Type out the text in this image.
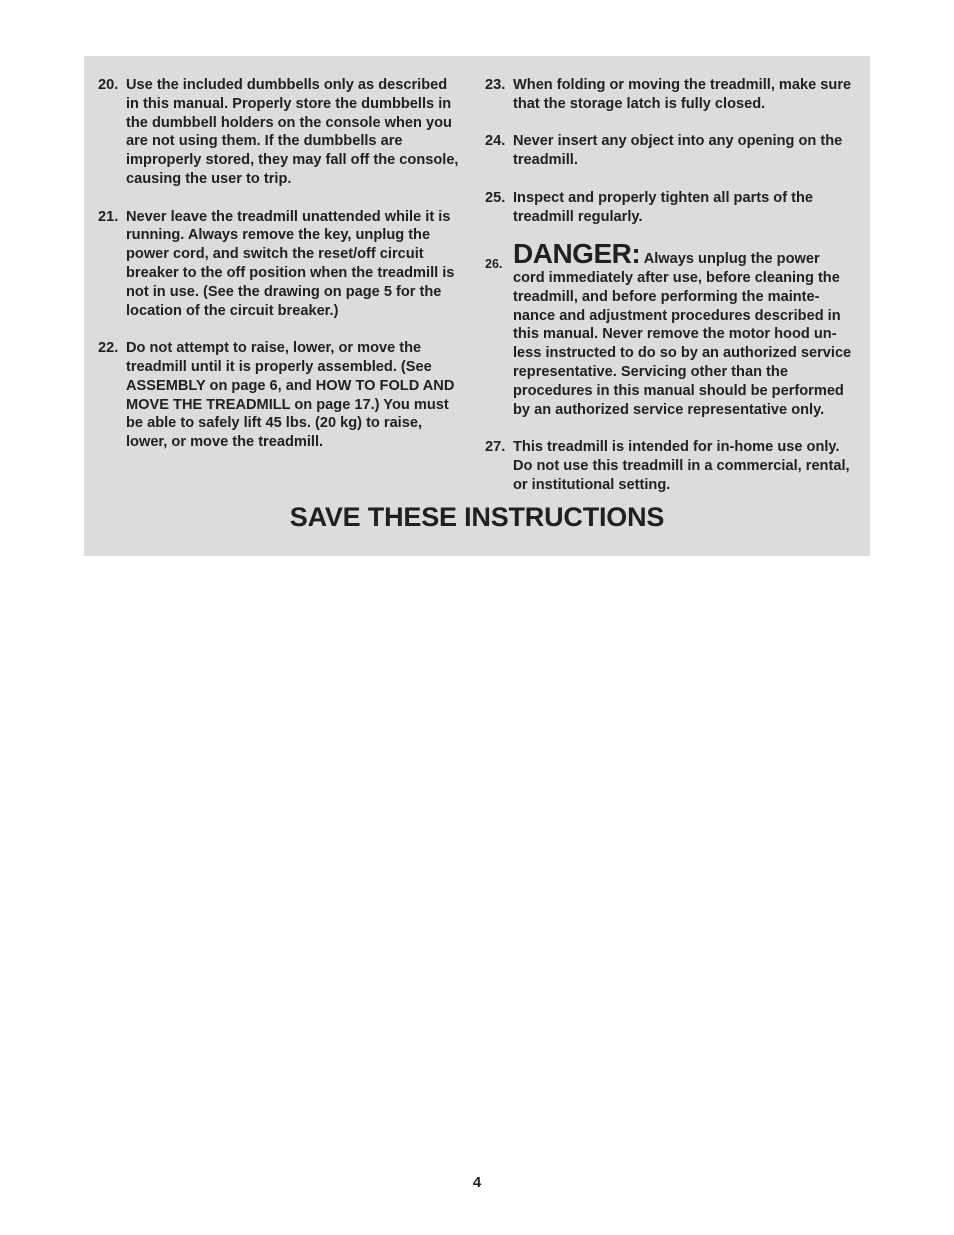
20. Use the included dumbbells only as described in this manual. Properly store the dumbbells in the dumbbell holders on the console when you are not using them. If the dumbbells are improperly stored, they may fall off the console, causing the user to trip.
21. Never leave the treadmill unattended while it is running. Always remove the key, unplug the power cord, and switch the reset/off circuit breaker to the off position when the treadmill is not in use. (See the drawing on page 5 for the location of the circuit breaker.)
22. Do not attempt to raise, lower, or move the treadmill until it is properly assembled. (See ASSEMBLY on page 6, and HOW TO FOLD AND MOVE THE TREADMILL on page 17.) You must be able to safely lift 45 lbs. (20 kg) to raise, lower, or move the treadmill.
23. When folding or moving the treadmill, make sure that the storage latch is fully closed.
24. Never insert any object into any opening on the treadmill.
25. Inspect and properly tighten all parts of the treadmill regularly.
26. DANGER: Always unplug the power cord immediately after use, before cleaning the treadmill, and before performing the maintenance and adjustment procedures described in this manual. Never remove the motor hood unless instructed to do so by an authorized service representative. Servicing other than the procedures in this manual should be performed by an authorized service representative only.
27. This treadmill is intended for in-home use only. Do not use this treadmill in a commercial, rental, or institutional setting.
SAVE THESE INSTRUCTIONS
4
